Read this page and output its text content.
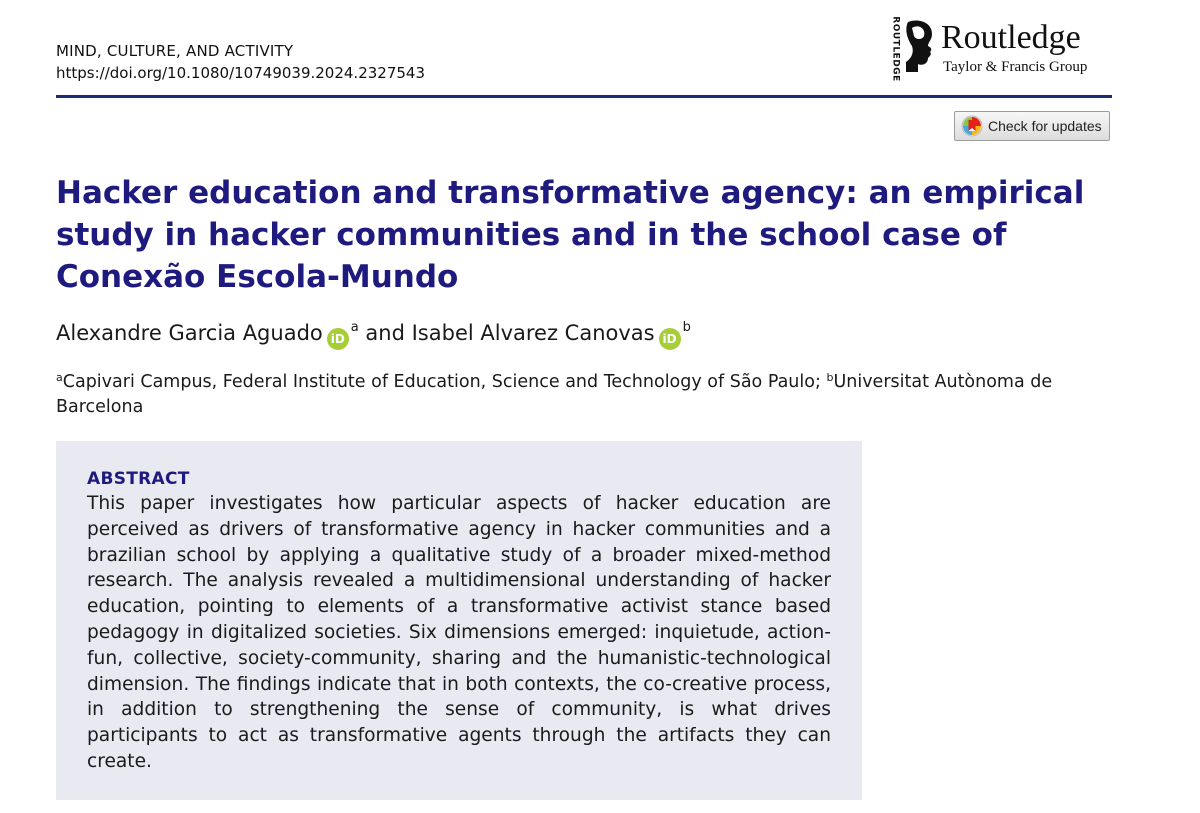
MIND, CULTURE, AND ACTIVITY
https://doi.org/10.1080/10749039.2024.2327543	ROUTLEDGE Routledge
Taylor & Francis Group
Check for updates
Hacker education and transformative agency: an empirical study in hacker communities and in the school case of Conexão Escola-Mundo
Alexandre Garcia Aguado iD$^a$ and Isabel Alvarez Canovas iD$^b$
$^a$Capivari Campus, Federal Institute of Education, Science and Technology of São Paulo; $^b$Universitat Autònoma de Barcelona
ABSTRACT
This paper investigates how particular aspects of hacker education are perceived as drivers of transformative agency in hacker communities and a brazilian school by applying a qualitative study of a broader mixed-method research. The analysis revealed a multidimensional understanding of hacker education, pointing to elements of a transformative activist stance based pedagogy in digitalized societies. Six dimensions emerged: inquietude, action-fun, collective, society-community, sharing and the humanistic-technological dimension. The findings indicate that in both contexts, the co-creative process, in addition to strengthening the sense of community, is what drives participants to act as transformative agents through the artifacts they can create.
